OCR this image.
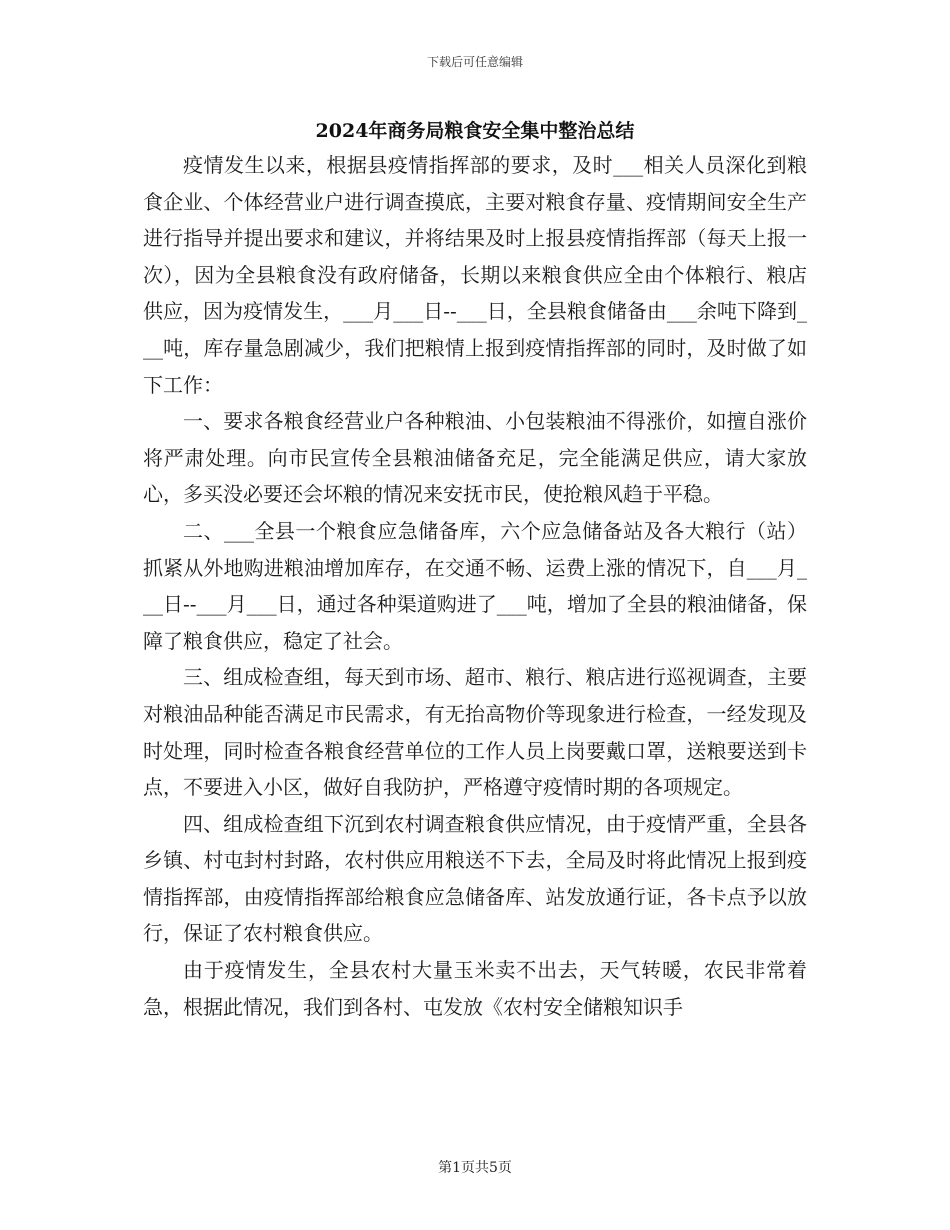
下载后可任意编辑
2024年商务局粮食安全集中整治总结

疫情发生以来，根据县疫情指挥部的要求，及时___相关人员深化到粮食企业、个体经营业户进行调查摸底，主要对粮食存量、疫情期间安全生产进行指导并提出要求和建议，并将结果及时上报县疫情指挥部（每天上报一次），因为全县粮食没有政府储备，长期以来粮食供应全由个体粮行、粮店供应，因为疫情发生，___月___日--___日，全县粮食储备由___余吨下降到___吨，库存量急剧减少，我们把粮情上报到疫情指挥部的同时，及时做了如下工作：

一、要求各粮食经营业户各种粮油、小包装粮油不得涨价，如擅自涨价将严肃处理。向市民宣传全县粮油储备充足，完全能满足供应，请大家放心，多买没必要还会坏粮的情况来安抚市民，使抢粮风趋于平稳。

二、___全县一个粮食应急储备库，六个应急储备站及各大粮行（站）抓紧从外地购进粮油增加库存，在交通不畅、运费上涨的情况下，自___月___日--___月___日，通过各种渠道购进了___吨，增加了全县的粮油储备，保障了粮食供应，稳定了社会。

三、组成检查组，每天到市场、超市、粮行、粮店进行巡视调查，主要对粮油品种能否满足市民需求，有无抬高物价等现象进行检查，一经发现及时处理，同时检查各粮食经营单位的工作人员上岗要戴口罩，送粮要送到卡点，不要进入小区，做好自我防护，严格遵守疫情时期的各项规定。

四、组成检查组下沉到农村调查粮食供应情况，由于疫情严重，全县各乡镇、村屯封村封路，农村供应用粮送不下去，全局及时将此情况上报到疫情指挥部，由疫情指挥部给粮食应急储备库、站发放通行证，各卡点予以放行，保证了农村粮食供应。

由于疫情发生，全县农村大量玉米卖不出去，天气转暖，农民非常着急，根据此情况，我们到各村、屯发放《农村安全储粮知识手

第1页共5页
